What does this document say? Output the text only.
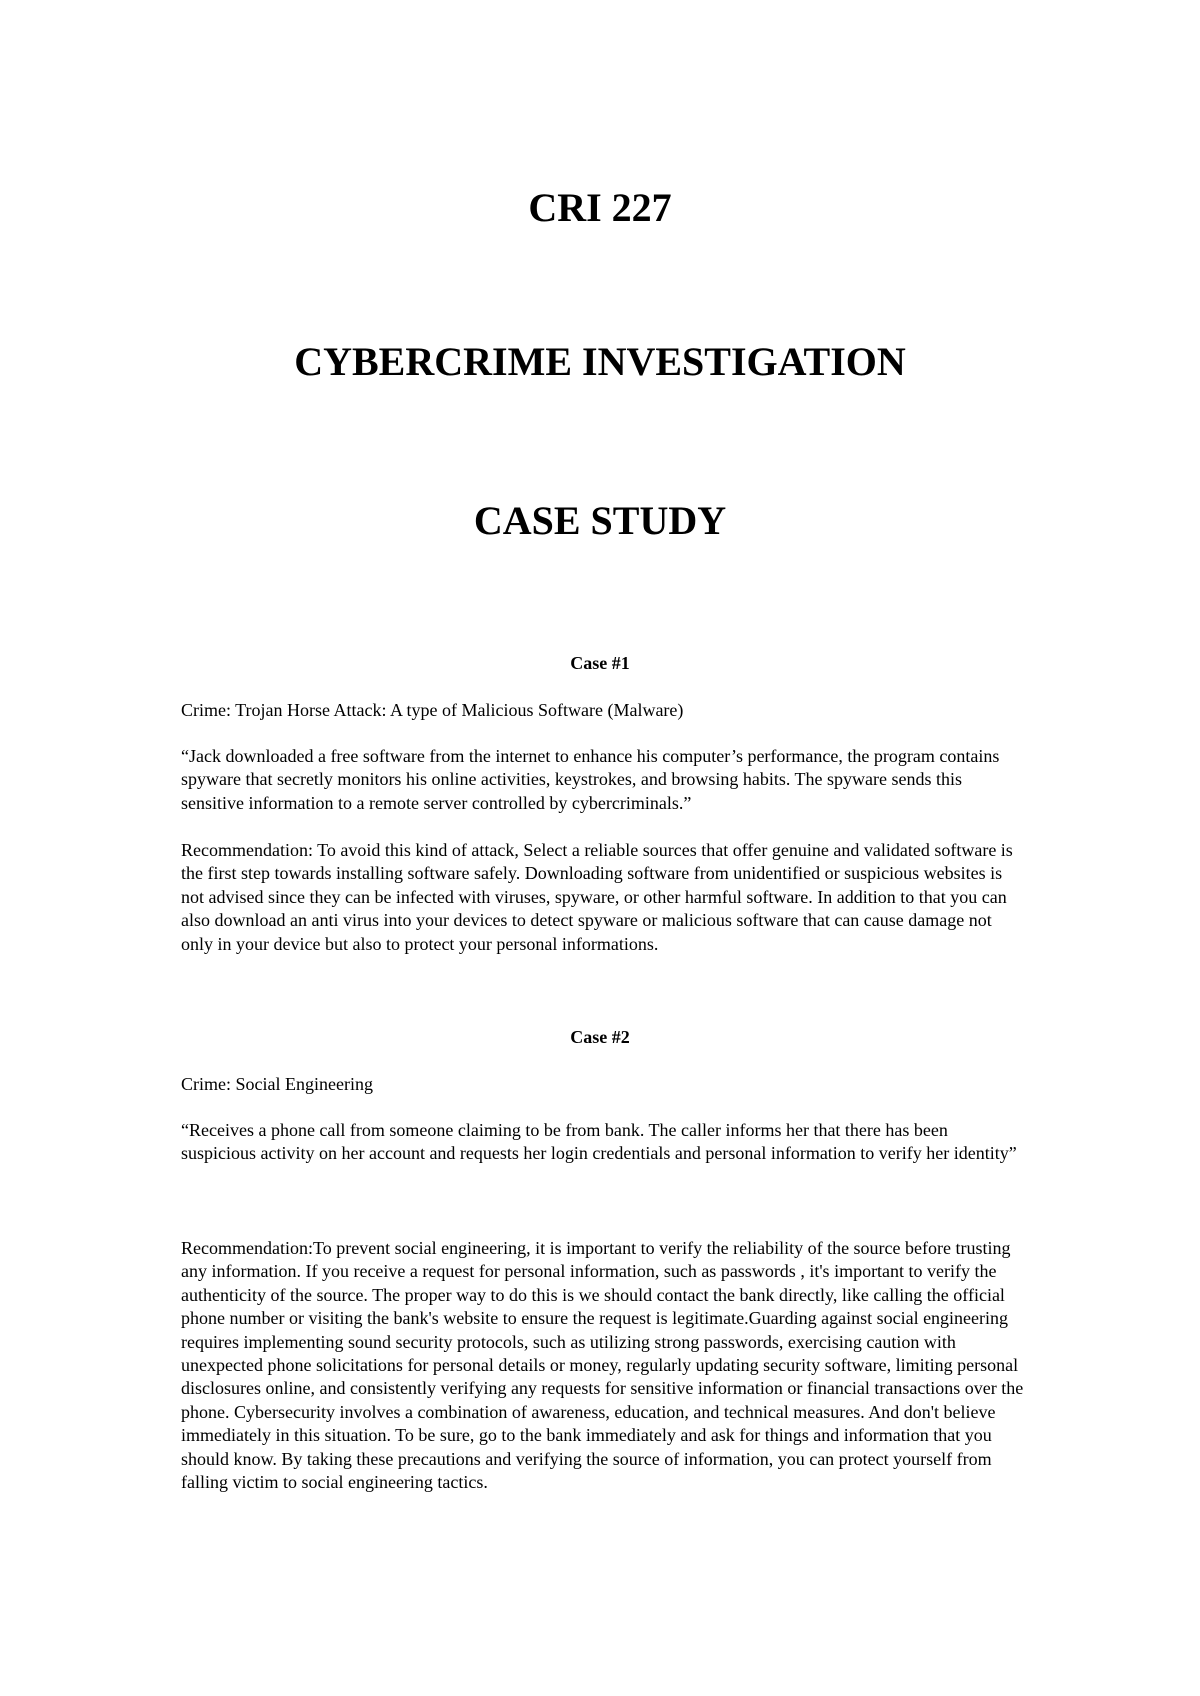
CRI 227
CYBERCRIME INVESTIGATION
CASE STUDY
Case #1

Crime: Trojan Horse Attack: A type of Malicious Software (Malware)

“Jack downloaded a free software from the internet to enhance his computer’s performance, the program contains spyware that secretly monitors his online activities, keystrokes, and browsing habits. The spyware sends this sensitive information to a remote server controlled by cybercriminals.”

Recommendation: To avoid this kind of attack, Select a reliable sources that offer genuine and validated software is the first step towards installing software safely. Downloading software from unidentified or suspicious websites is not advised since they can be infected with viruses, spyware, or other harmful software. In addition to that you can also download an anti virus into your devices to detect spyware or malicious software that can cause damage not only in your device but also to protect your personal informations.

Case #2

Crime: Social Engineering

“Receives a phone call from someone claiming to be from bank. The caller informs her that there has been suspicious activity on her account and requests her login credentials and personal information to verify her identity”

Recommendation:To prevent social engineering, it is important to verify the reliability of the source before trusting any information. If you receive a request for personal information, such as passwords , it's important to verify the authenticity of the source. The proper way to do this is we should contact the bank directly, like calling the official phone number or visiting the bank's website to ensure the request is legitimate.Guarding against social engineering requires implementing sound security protocols, such as utilizing strong passwords, exercising caution with unexpected phone solicitations for personal details or money, regularly updating security software, limiting personal disclosures online, and consistently verifying any requests for sensitive information or financial transactions over the phone. Cybersecurity involves a combination of awareness, education, and technical measures. And don't believe immediately in this situation. To be sure, go to the bank immediately and ask for things and information that you should know. By taking these precautions and verifying the source of information, you can protect yourself from falling victim to social engineering tactics.
